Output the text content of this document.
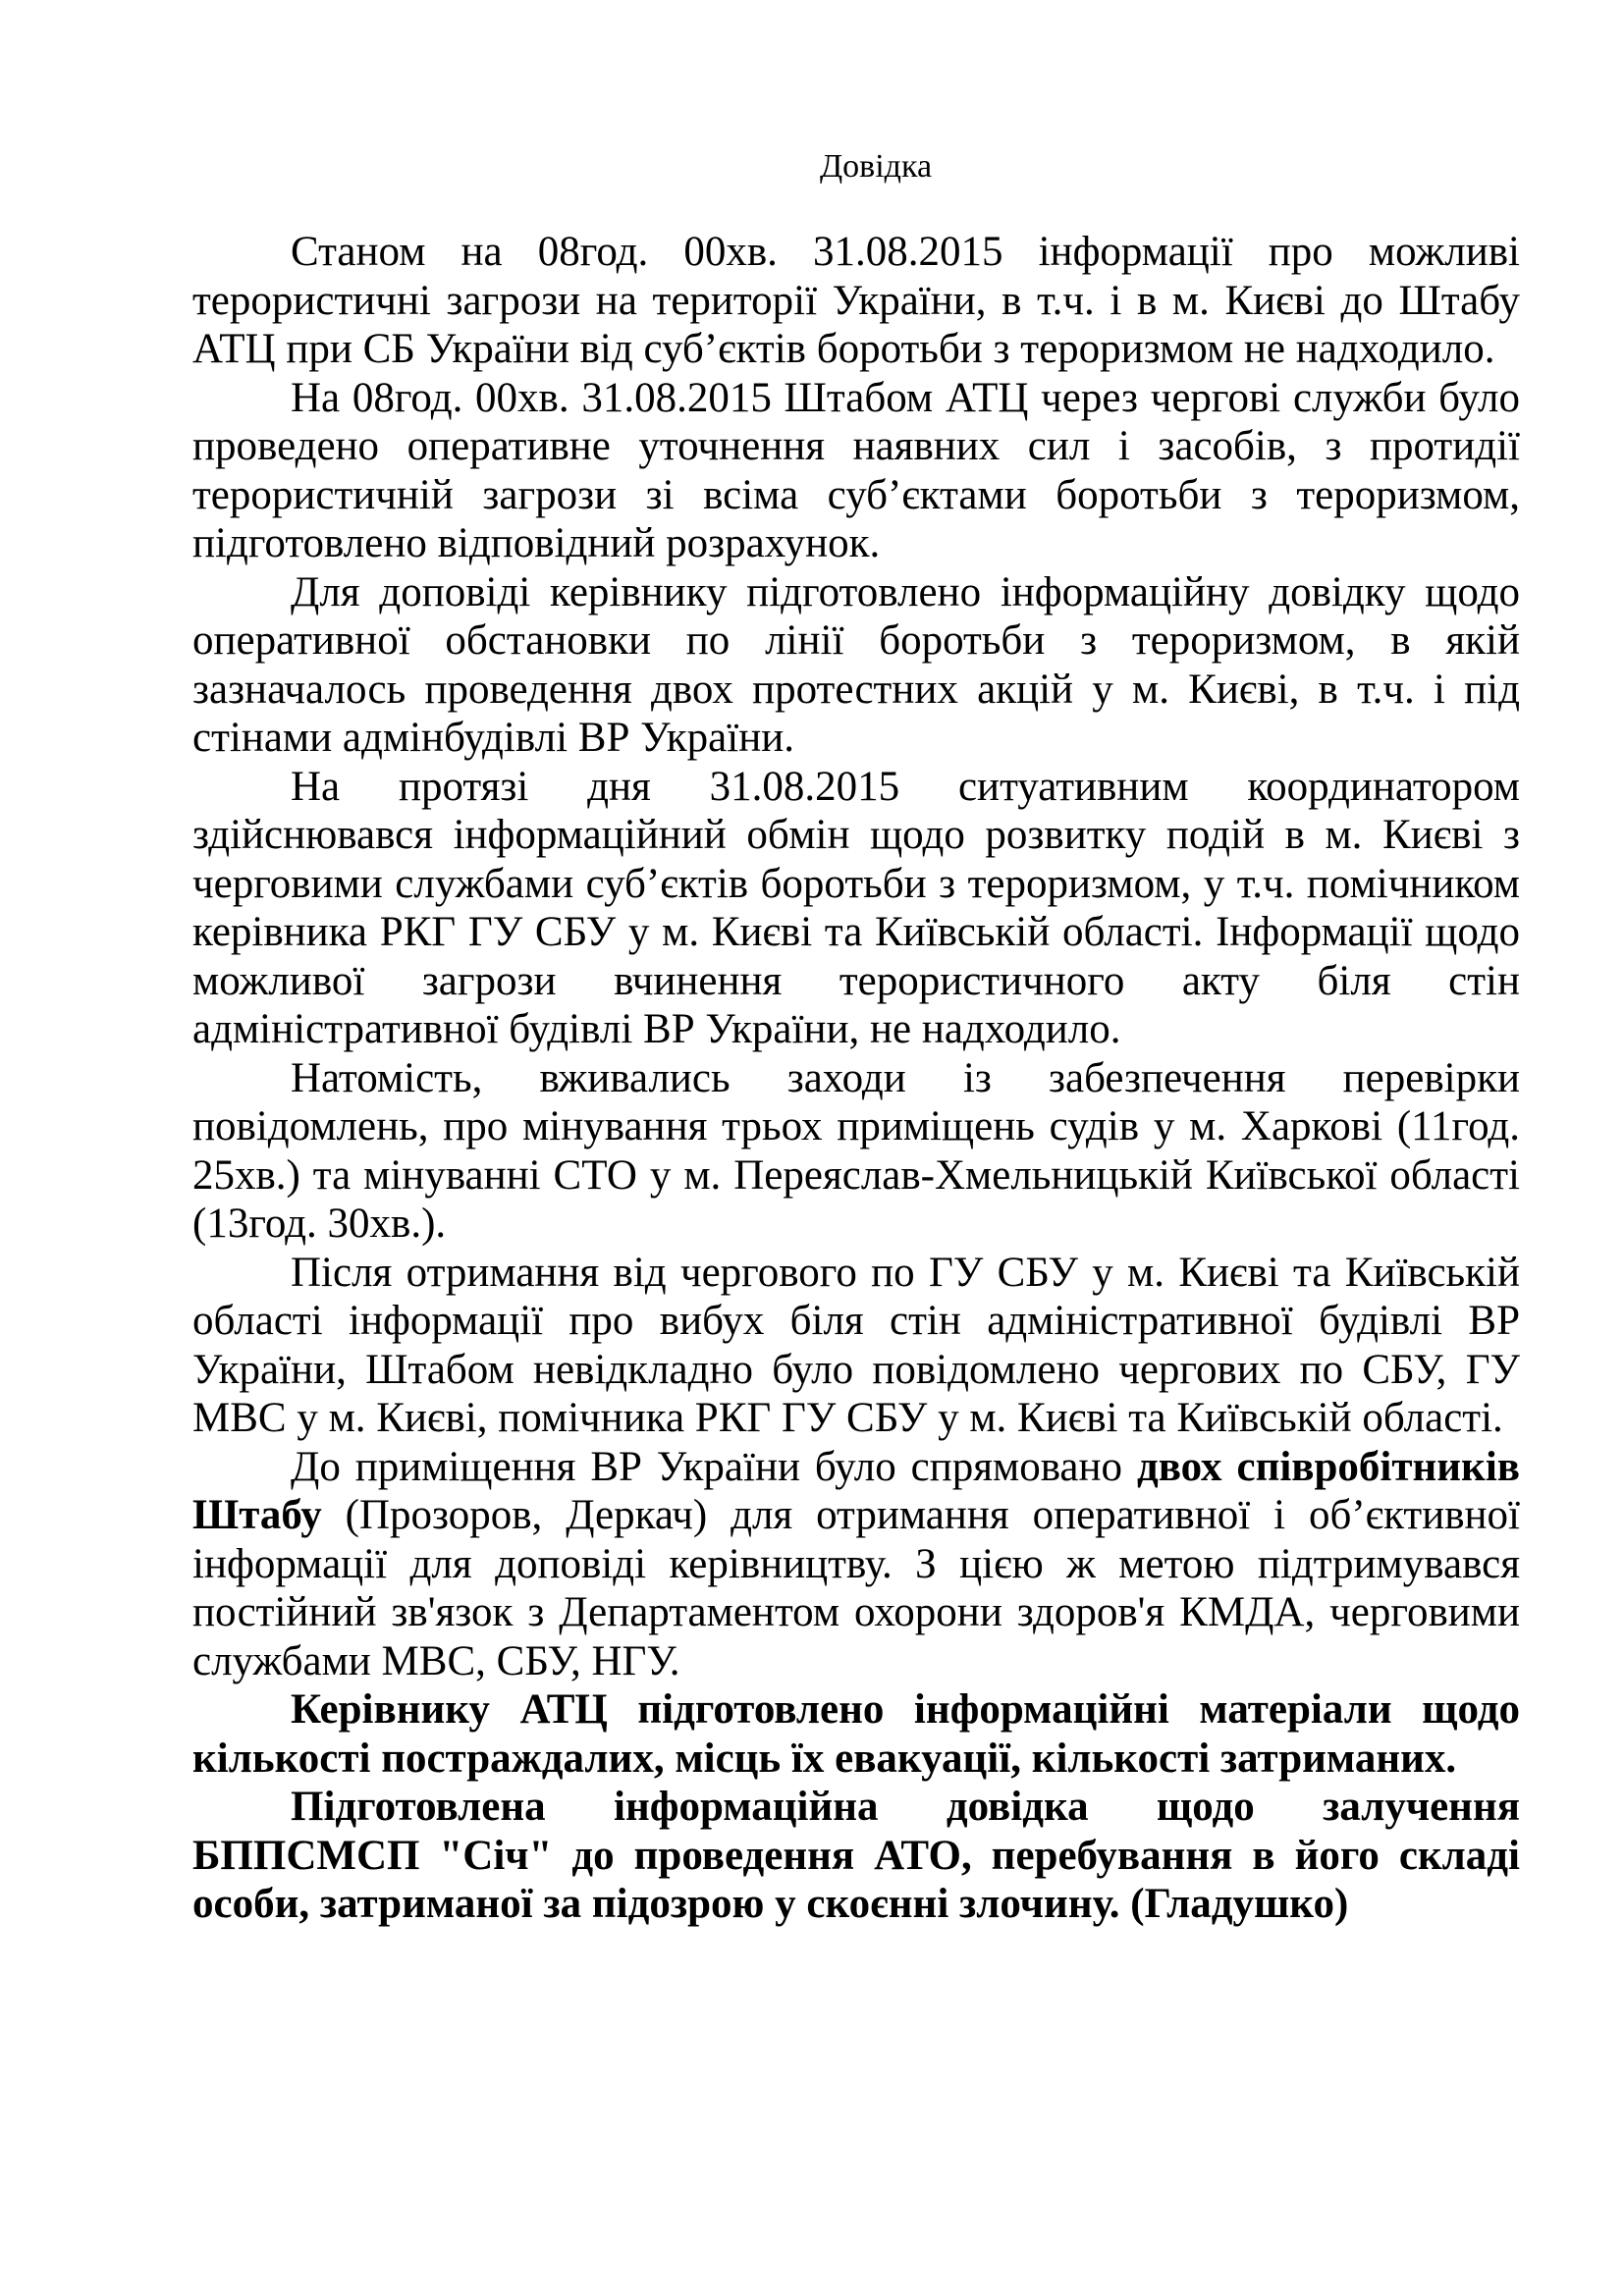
Довідка

Станом на 08год. 00хв. 31.08.2015 інформації про можливі терористичні загрози на території України, в т.ч. і в м. Києві до Штабу АТЦ при СБ України від суб’єктів боротьби з тероризмом не надходило.

На 08год. 00хв. 31.08.2015 Штабом АТЦ через чергові служби було проведено оперативне уточнення наявних сил і засобів, з протидії терористичній загрози зі всіма суб’єктами боротьби з тероризмом, підготовлено відповідний розрахунок.

Для доповіді керівнику підготовлено інформаційну довідку щодо оперативної обстановки по лінії боротьби з тероризмом, в якій зазначалось проведення двох протестних акцій у м. Києві, в т.ч. і під стінами адмінбудівлі ВР України.

На протязі дня 31.08.2015 ситуативним координатором здійснювався інформаційний обмін щодо розвитку подій в м. Києві з черговими службами суб’єктів боротьби з тероризмом, у т.ч. помічником керівника РКГ ГУ СБУ у м. Києві та Київській області. Інформації щодо можливої загрози вчинення терористичного акту біля стін адміністративної будівлі ВР України, не надходило.

Натомість, вживались заходи із забезпечення перевірки повідомлень, про мінування трьох приміщень судів у м. Харкові (11год. 25хв.) та мінуванні СТО у м. Переяслав-Хмельницькій Київської області (13год. 30хв.).

Після отримання від чергового по ГУ СБУ у м. Києві та Київській області інформації про вибух біля стін адміністративної будівлі ВР України, Штабом невідкладно було повідомлено чергових по СБУ, ГУ МВС у м. Києві, помічника РКГ ГУ СБУ у м. Києві та Київській області.

До приміщення ВР України було спрямовано двох співробітників Штабу (Прозоров, Деркач) для отримання оперативної і об’єктивної інформації для доповіді керівництву. З цією ж метою підтримувався постійний зв'язок з Департаментом охорони здоров'я КМДА, черговими службами МВС, СБУ, НГУ.

Керівнику АТЦ підготовлено інформаційні матеріали щодо кількості постраждалих, місць їх евакуації, кількості затриманих.

Підготовлена інформаційна довідка щодо залучення БППСМСП "Січ" до проведення АТО, перебування в його складі особи, затриманої за підозрою у скоєнні злочину. (Гладушко)
